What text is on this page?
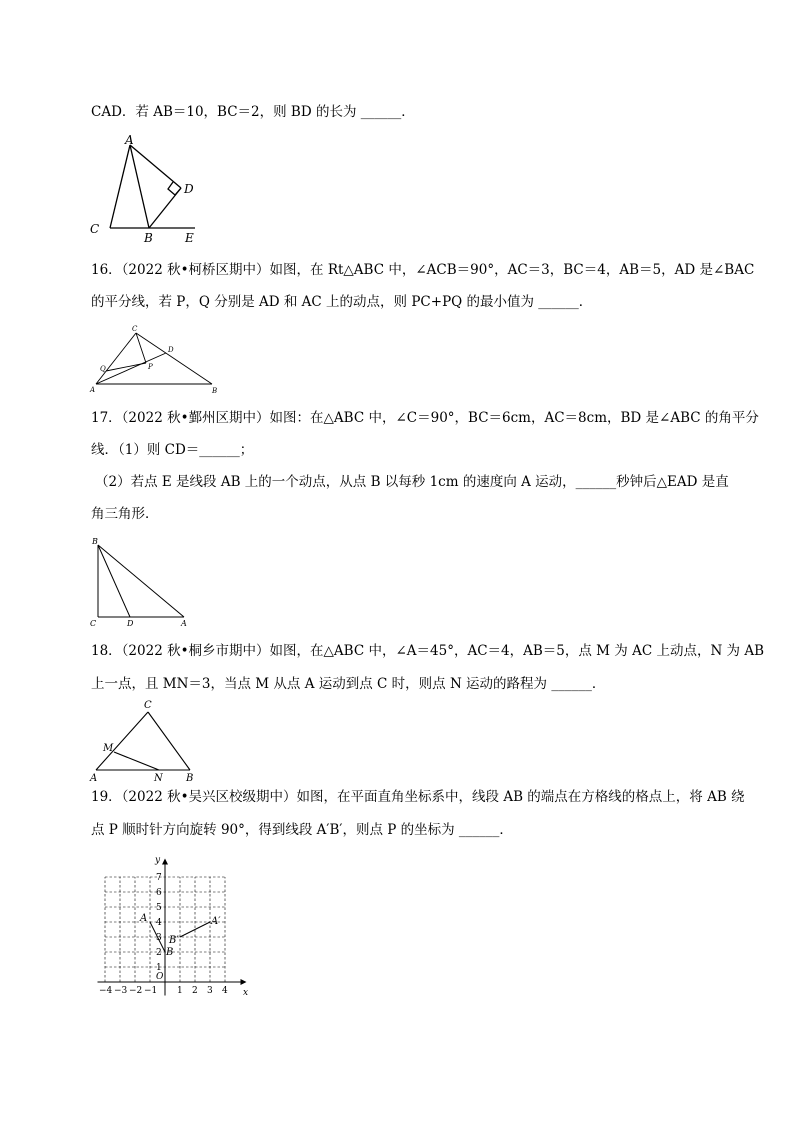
CAD．若 AB＝10，BC＝2，则 BD 的长为 ______．
A
D
C
B	E
16．（2022 秋•柯桥区期中）如图，在 Rt△ABC 中，∠ACB＝90°，AC＝3，BC＝4，AB＝5，AD 是∠BAC
的平分线，若 P，Q 分别是 AD 和 AC 上的动点，则 PC+PQ 的最小值为 ______．
C
D
Q	P
A	B
17．（2022 秋•鄞州区期中）如图：在△ABC 中，∠C＝90°，BC＝6cm，AC＝8cm，BD 是∠ABC 的角平分
线．（1）则 CD＝______；
（2）若点 E 是线段 AB 上的一个动点，从点 B 以每秒 1cm 的速度向 A 运动，______秒钟后△EAD 是直
角三角形．
B
C	D	A
18．（2022 秋•桐乡市期中）如图，在△ABC 中，∠A＝45°，AC＝4，AB＝5，点 M 为 AC 上动点，N 为 AB
上一点，且 MN＝3，当点 M 从点 A 运动到点 C 时，则点 N 运动的路程为 ______．
C
M
A	N B
19．（2022 秋•吴兴区校级期中）如图，在平面直角坐标系中，线段 AB 的端点在方格线的格点上，将 AB 绕
点 P 顺时针方向旋转 90°，得到线段 A′B′，则点 P 的坐标为 ______．
x
y
O
−4 −3 −2 −1 1 2 3 4
1
2
3
4
5
6
7
A
B
A′
B′
